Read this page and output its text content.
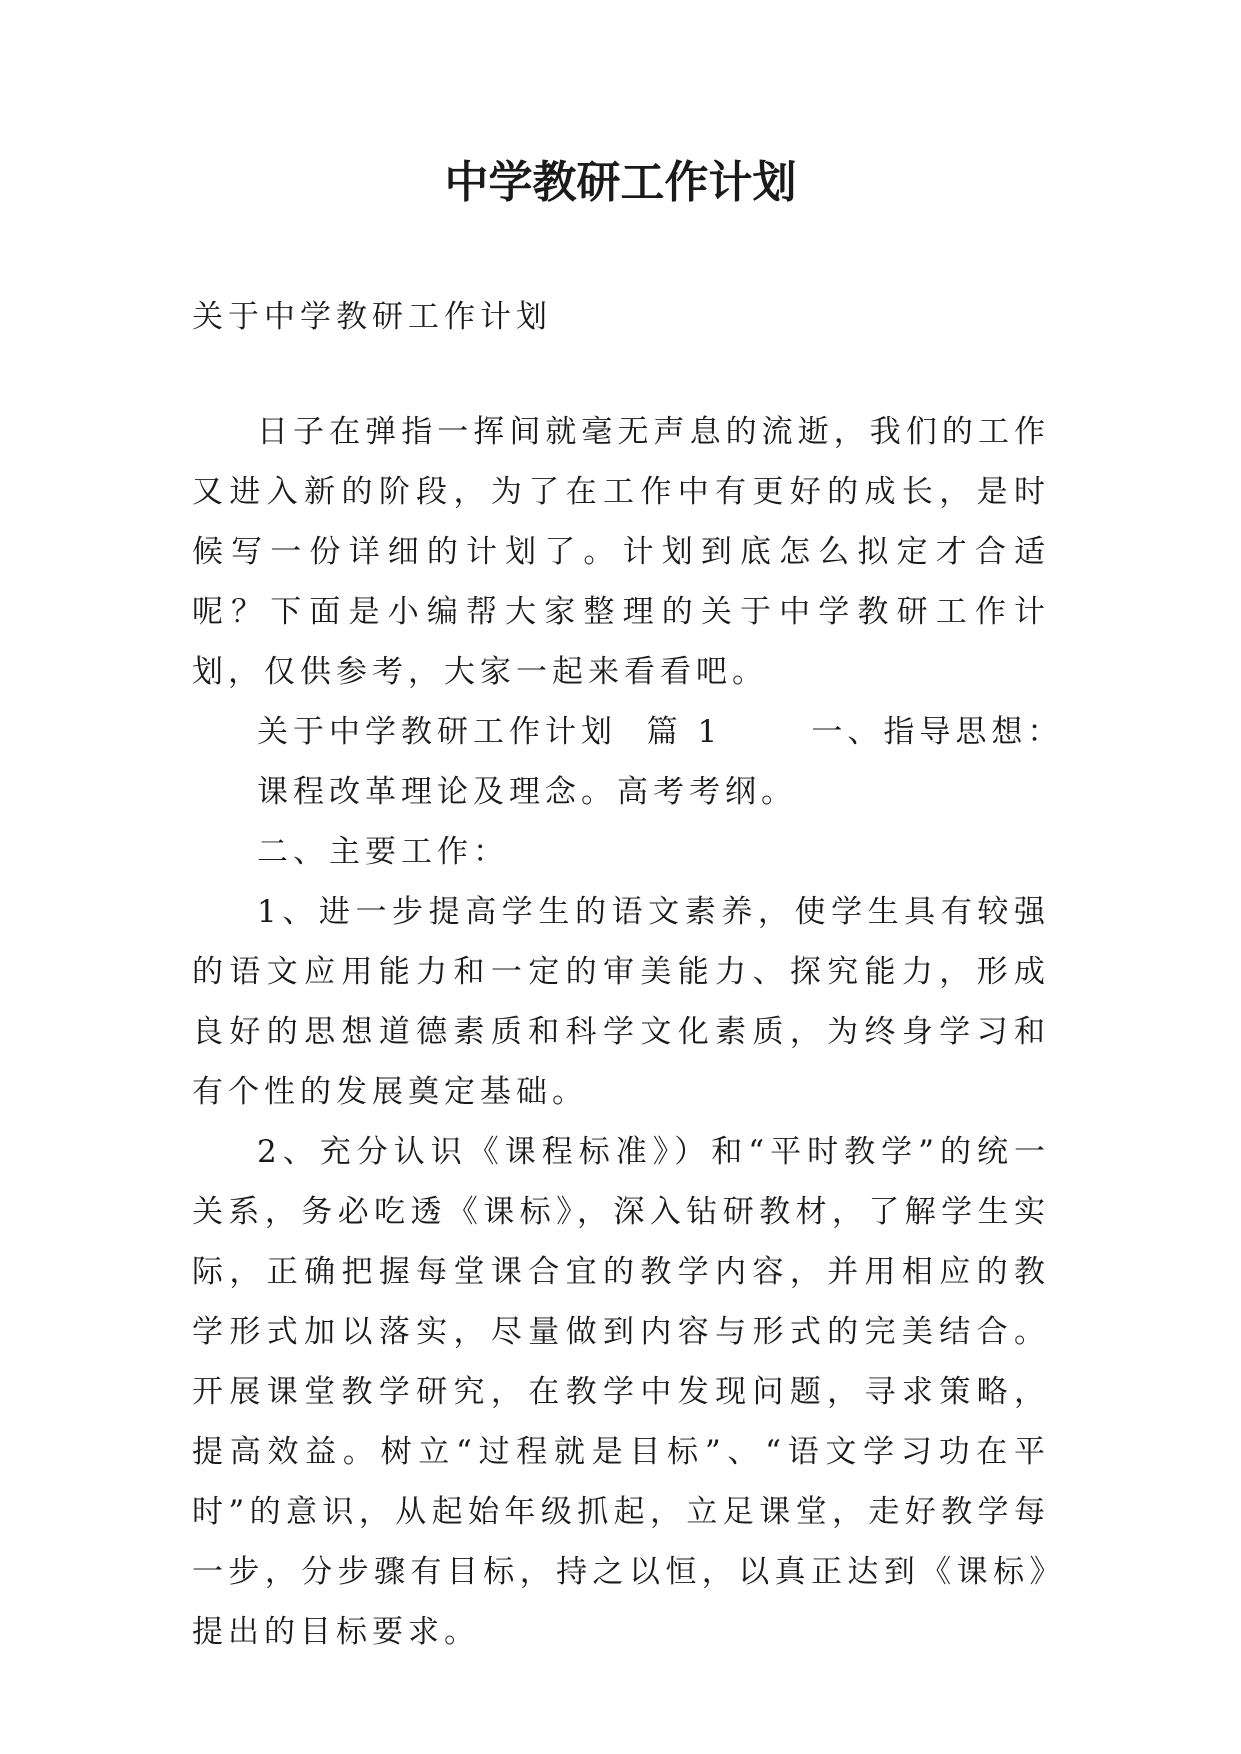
中学教研工作计划
关于中学教研工作计划

日子在弹指一挥间就毫无声息的流逝，我们的工作又进入新的阶段，为了在工作中有更好的成长，是时候写一份详细的计划了。计划到底怎么拟定才合适呢？下面是小编帮大家整理的关于中学教研工作计划，仅供参考，大家一起来看看吧。

关于中学教研工作计划  篇 1      一、指导思想：

课程改革理论及理念。高考考纲。

二、主要工作：

1、进一步提高学生的语文素养，使学生具有较强的语文应用能力和一定的审美能力、探究能力，形成良好的思想道德素质和科学文化素质，为终身学习和有个性的发展奠定基础。

2、充分认识《课程标准》）和“平时教学”的统一关系，务必吃透《课标》，深入钻研教材，了解学生实际，正确把握每堂课合宜的教学内容，并用相应的教学形式加以落实，尽量做到内容与形式的完美结合。开展课堂教学研究，在教学中发现问题，寻求策略，提高效益。树立“过程就是目标”、“语文学习功在平时”的意识，从起始年级抓起，立足课堂，走好教学每一步，分步骤有目标，持之以恒，以真正达到《课标》提出的目标要求。
